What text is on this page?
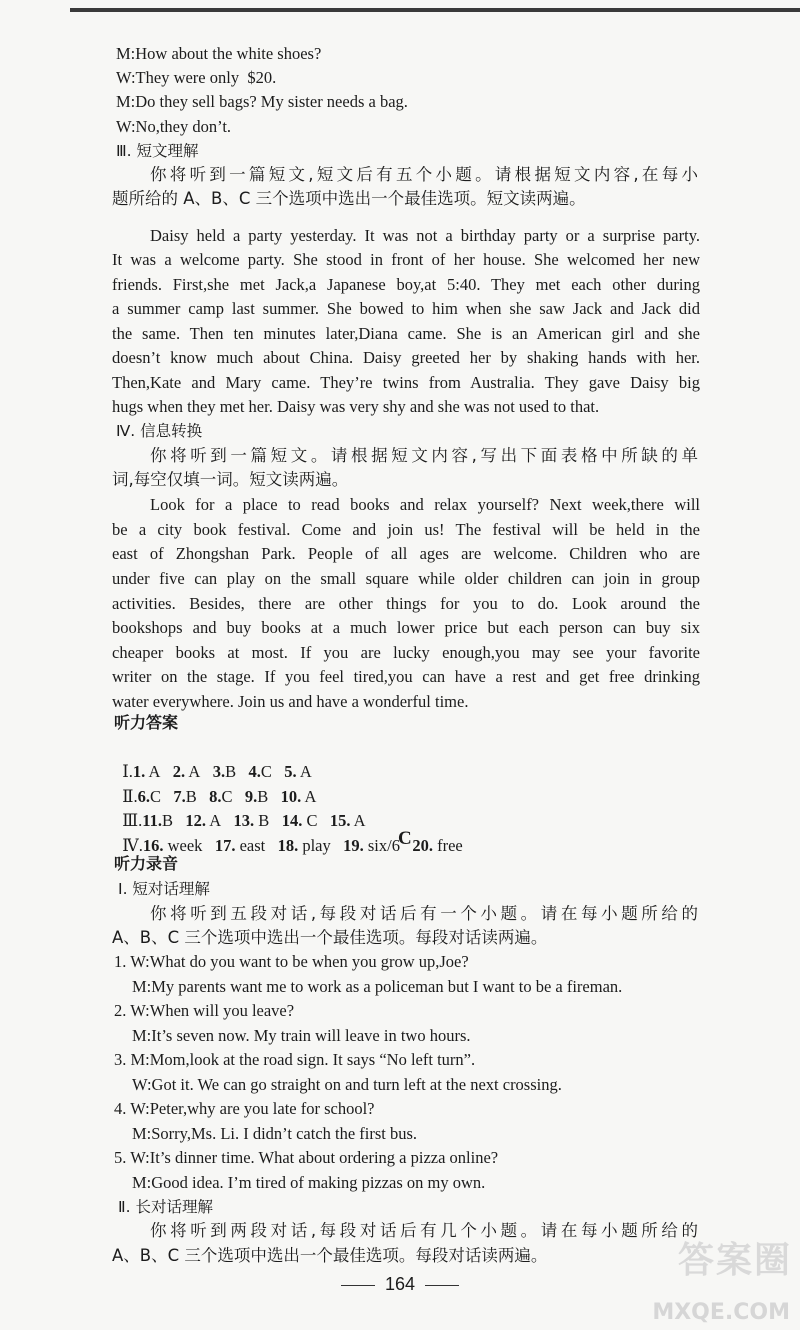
M:How about the white shoes?
W:They were only  $20.
M:Do they sell bags? My sister needs a bag.
W:No,they don’t.
Ⅲ. 短文理解
你将听到一篇短文,短文后有五个小题。请根据短文内容,在每小
题所给的 A、B、C 三个选项中选出一个最佳选项。短文读两遍。
Daisy held a party yesterday. It was not a birthday party or a surprise party.
It was a welcome party. She stood in front of her house. She welcomed her new
friends. First,she met Jack,a Japanese boy,at 5:40. They met each other during
a summer camp last summer. She bowed to him when she saw Jack and Jack did
the same. Then ten minutes later,Diana came. She is an American girl and she
doesn’t know much about China. Daisy greeted her by shaking hands with her.
Then,Kate and Mary came. They’re twins from Australia. They gave Daisy big
hugs when they met her. Daisy was very shy and she was not used to that.
Ⅳ. 信息转换
你将听到一篇短文。请根据短文内容,写出下面表格中所缺的单
词,每空仅填一词。短文读两遍。
Look for a place to read books and relax yourself? Next week,there will
be a city book festival. Come and join us! The festival will be held in the
east of Zhongshan Park. People of all ages are welcome. Children who are
under five can play on the small square while older children can join in group
activities. Besides, there are other things for you to do. Look around the
bookshops and buy books at a much lower price but each person can buy six
cheaper books at most. If you are lucky enough,you may see your favorite
writer on the stage. If you feel tired,you can have a rest and get free drinking
water everywhere. Join us and have a wonderful time.
听力答案

Ⅰ.1. A 2. A 3.B 4.C 5. A

Ⅱ.6.C 7.B 8.C 9.B 10. A

Ⅲ.11.B 12. A 13. B 14. C 15. A

Ⅳ.16. week 17. east 18. play 19. six/6 20. free

C
听力录音
Ⅰ. 短对话理解
你将听到五段对话,每段对话后有一个小题。请在每小题所给的
A、B、C 三个选项中选出一个最佳选项。每段对话读两遍。
1. W:What do you want to be when you grow up,Joe?
M:My parents want me to work as a policeman but I want to be a fireman.
2. W:When will you leave?
M:It’s seven now. My train will leave in two hours.
3. M:Mom,look at the road sign. It says “No left turn”.
W:Got it. We can go straight on and turn left at the next crossing.
4. W:Peter,why are you late for school?
M:Sorry,Ms. Li. I didn’t catch the first bus.
5. W:It’s dinner time. What about ordering a pizza online?
M:Good idea. I’m tired of making pizzas on my own.
Ⅱ. 长对话理解
你将听到两段对话,每段对话后有几个小题。请在每小题所给的
A、B、C 三个选项中选出一个最佳选项。每段对话读两遍。
164
答案圈
MXQE.COM
